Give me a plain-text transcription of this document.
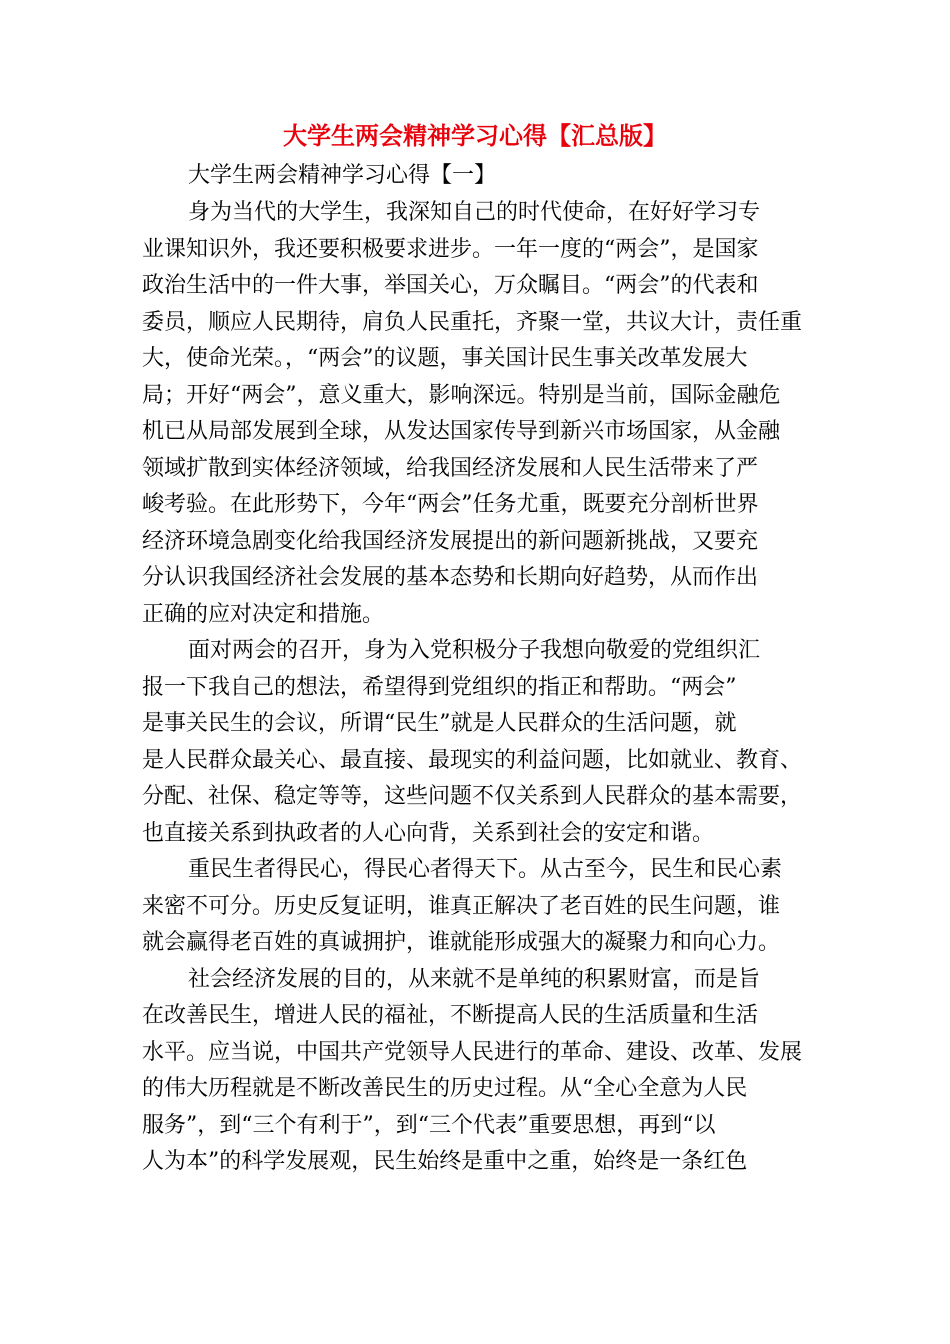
大学生两会精神学习心得【汇总版】
大学生两会精神学习心得【一】
身为当代的大学生，我深知自己的时代使命，在好好学习专
业课知识外，我还要积极要求进步。一年一度的“两会”，是国家
政治生活中的一件大事，举国关心，万众瞩目。“两会”的代表和
委员，顺应人民期待，肩负人民重托，齐聚一堂，共议大计，责任重
大，使命光荣。，“两会”的议题，事关国计民生事关改革发展大
局；开好“两会”，意义重大，影响深远。特别是当前，国际金融危
机已从局部发展到全球，从发达国家传导到新兴市场国家，从金融
领域扩散到实体经济领域，给我国经济发展和人民生活带来了严
峻考验。在此形势下，今年“两会”任务尤重，既要充分剖析世界
经济环境急剧变化给我国经济发展提出的新问题新挑战，又要充
分认识我国经济社会发展的基本态势和长期向好趋势，从而作出
正确的应对决定和措施。
面对两会的召开，身为入党积极分子我想向敬爱的党组织汇
报一下我自己的想法，希望得到党组织的指正和帮助。“两会”
是事关民生的会议，所谓“民生”就是人民群众的生活问题，就
是人民群众最关心、最直接、最现实的利益问题，比如就业、教育、
分配、社保、稳定等等，这些问题不仅关系到人民群众的基本需要，
也直接关系到执政者的人心向背，关系到社会的安定和谐。
重民生者得民心，得民心者得天下。从古至今，民生和民心素
来密不可分。历史反复证明，谁真正解决了老百姓的民生问题，谁
就会赢得老百姓的真诚拥护，谁就能形成强大的凝聚力和向心力。
社会经济发展的目的，从来就不是单纯的积累财富，而是旨
在改善民生，增进人民的福祉，不断提高人民的生活质量和生活
水平。应当说，中国共产党领导人民进行的革命、建设、改革、发展
的伟大历程就是不断改善民生的历史过程。从“全心全意为人民
服务”，到“三个有利于”，到“三个代表”重要思想，再到“以
人为本”的科学发展观，民生始终是重中之重，始终是一条红色
